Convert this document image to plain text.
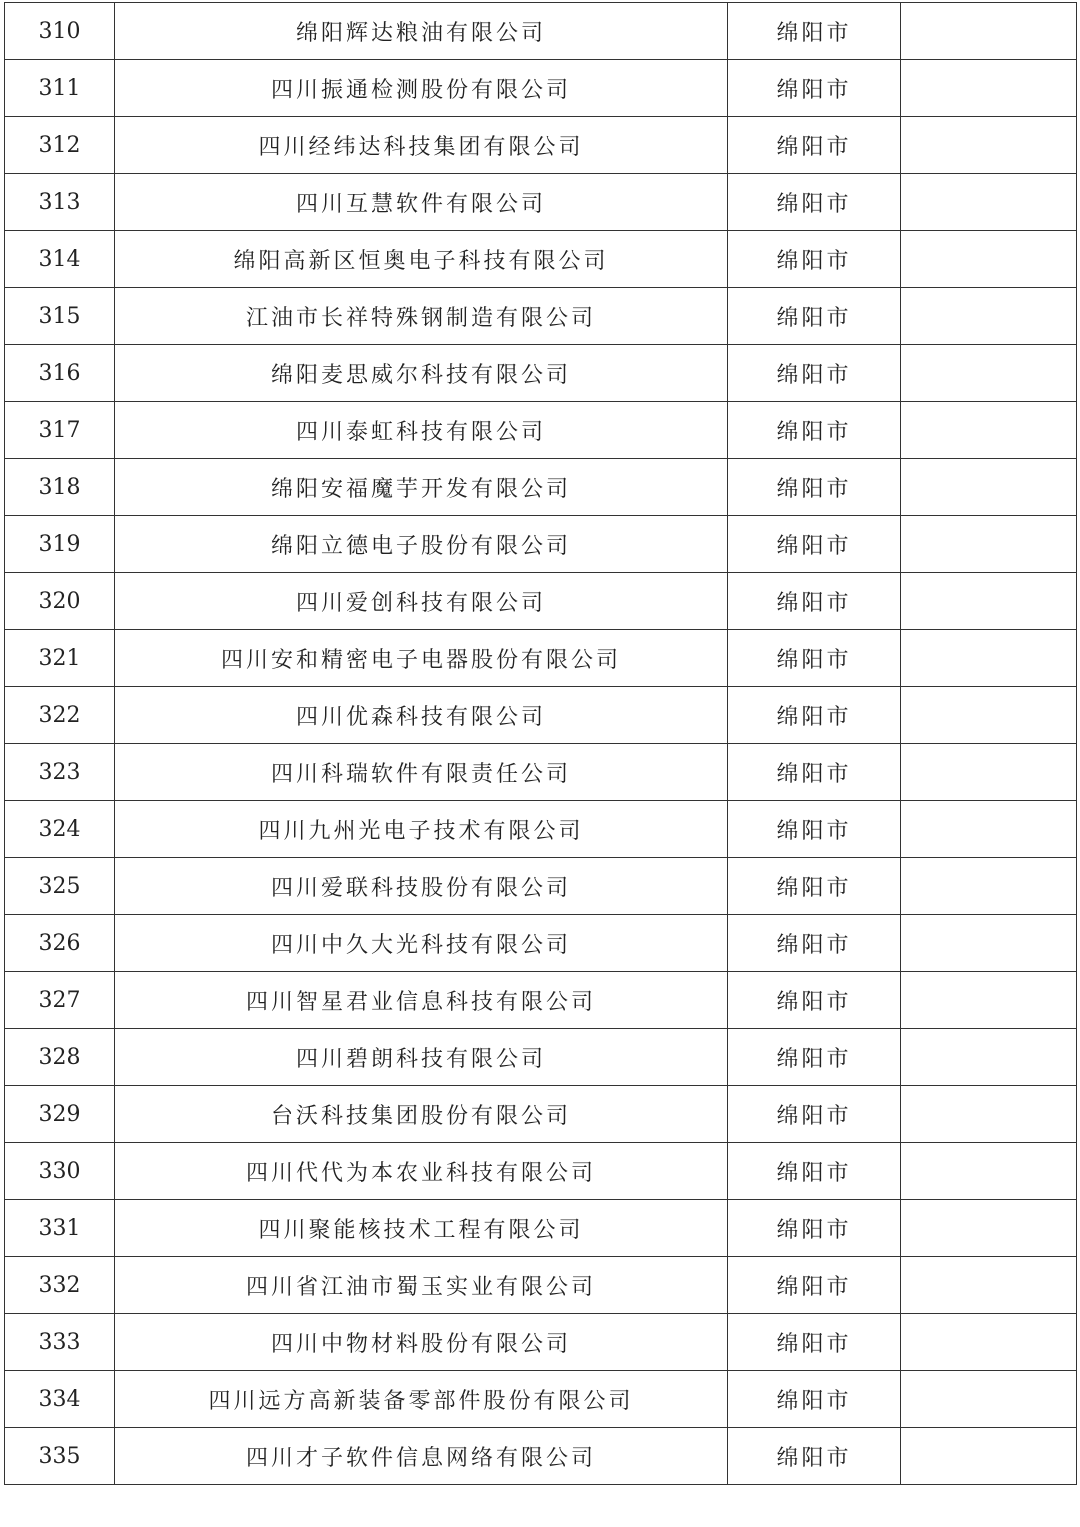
310	绵阳辉达粮油有限公司	绵阳市	
311	四川振通检测股份有限公司	绵阳市	
312	四川经纬达科技集团有限公司	绵阳市	
313	四川互慧软件有限公司	绵阳市	
314	绵阳高新区恒奥电子科技有限公司	绵阳市	
315	江油市长祥特殊钢制造有限公司	绵阳市	
316	绵阳麦思威尔科技有限公司	绵阳市	
317	四川泰虹科技有限公司	绵阳市	
318	绵阳安福魔芋开发有限公司	绵阳市	
319	绵阳立德电子股份有限公司	绵阳市	
320	四川爱创科技有限公司	绵阳市	
321	四川安和精密电子电器股份有限公司	绵阳市	
322	四川优森科技有限公司	绵阳市	
323	四川科瑞软件有限责任公司	绵阳市	
324	四川九州光电子技术有限公司	绵阳市	
325	四川爱联科技股份有限公司	绵阳市	
326	四川中久大光科技有限公司	绵阳市	
327	四川智星君业信息科技有限公司	绵阳市	
328	四川碧朗科技有限公司	绵阳市	
329	台沃科技集团股份有限公司	绵阳市	
330	四川代代为本农业科技有限公司	绵阳市	
331	四川聚能核技术工程有限公司	绵阳市	
332	四川省江油市蜀玉实业有限公司	绵阳市	
333	四川中物材料股份有限公司	绵阳市	
334	四川远方高新装备零部件股份有限公司	绵阳市	
335	四川才子软件信息网络有限公司	绵阳市	
